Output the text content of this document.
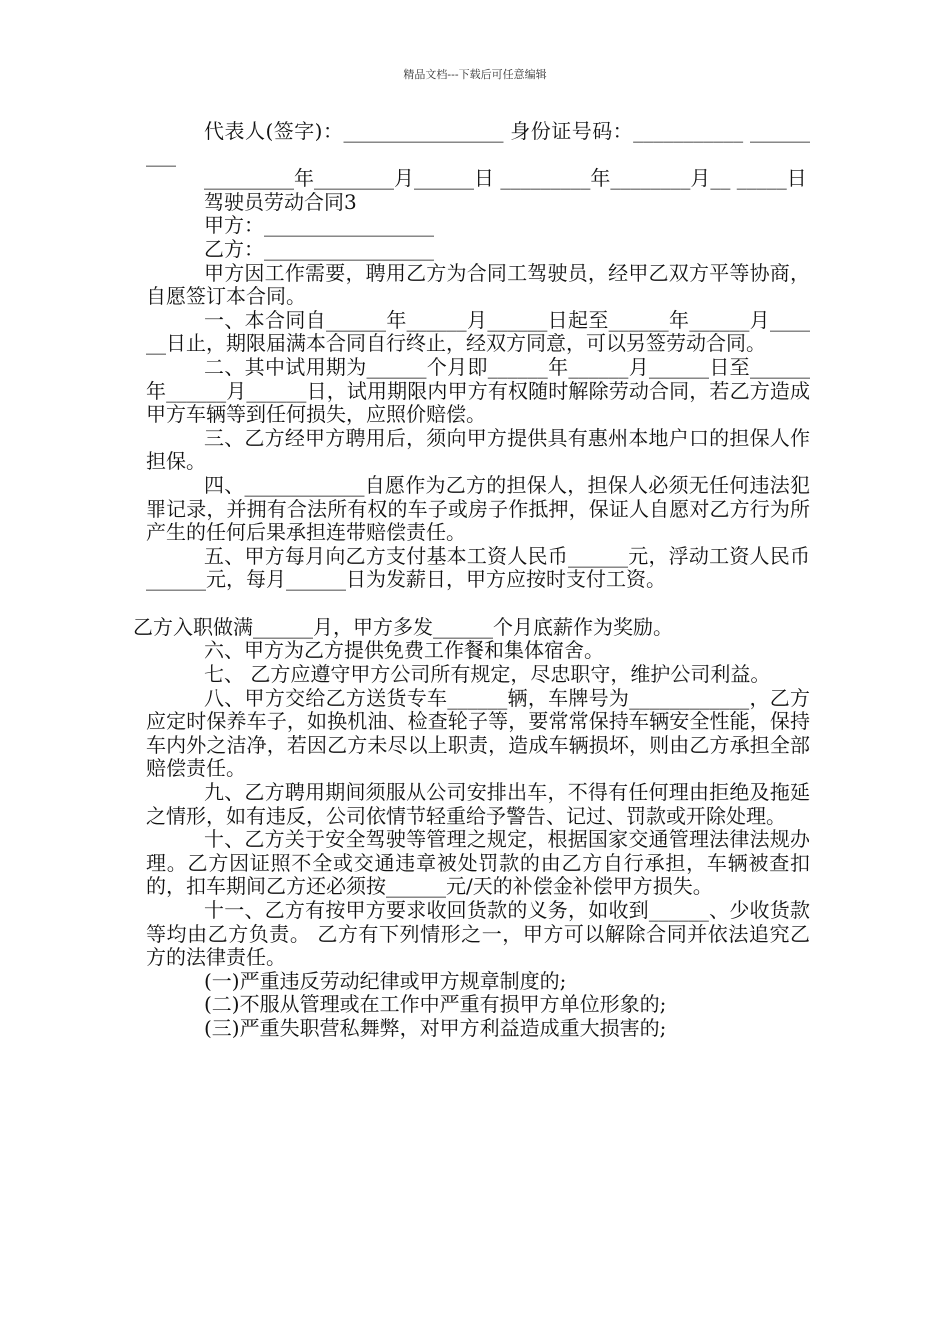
精品文档---下载后可任意编辑

代表人(签字)：________________ 身份证号码：___________ _________

_________年________月______日 _________年________月__ _____日

驾驶员劳动合同3

甲方：_________________

乙方：_________________

甲方因工作需要，聘用乙方为合同工驾驶员，经甲乙双方平等协商，自愿签订本合同。

一、本合同自______年______月______日起至______年______月______日止，期限届满本合同自行终止，经双方同意，可以另签劳动合同。

二、其中试用期为______个月即______年______月______日至______年______月______日，试用期限内甲方有权随时解除劳动合同，若乙方造成甲方车辆等到任何损失，应照价赔偿。

三、乙方经甲方聘用后，须向甲方提供具有惠州本地户口的担保人作担保。

四、____________自愿作为乙方的担保人，担保人必须无任何违法犯罪记录，并拥有合法所有权的车子或房子作抵押，保证人自愿对乙方行为所产生的任何后果承担连带赔偿责任。

五、甲方每月向乙方支付基本工资人民币______元，浮动工资人民币______元，每月______日为发薪日，甲方应按时支付工资。

乙方入职做满______月，甲方多发______个月底薪作为奖励。

六、甲方为乙方提供免费工作餐和集体宿舍。

七、 乙方应遵守甲方公司所有规定，尽忠职守，维护公司利益。

八、甲方交给乙方送货专车______辆，车牌号为____________，乙方应定时保养车子，如换机油、检查轮子等，要常常保持车辆安全性能，保持车内外之洁净，若因乙方未尽以上职责，造成车辆损坏，则由乙方承担全部赔偿责任。

九、乙方聘用期间须服从公司安排出车，不得有任何理由拒绝及拖延之情形，如有违反，公司依情节轻重给予警告、记过、罚款或开除处理。

十、乙方关于安全驾驶等管理之规定，根据国家交通管理法律法规办理。乙方因证照不全或交通违章被处罚款的由乙方自行承担，车辆被查扣的，扣车期间乙方还必须按______元/天的补偿金补偿甲方损失。

十一、乙方有按甲方要求收回货款的义务，如收到______、少收货款等均由乙方负责。 乙方有下列情形之一，甲方可以解除合同并依法追究乙方的法律责任。

(一)严重违反劳动纪律或甲方规章制度的;

(二)不服从管理或在工作中严重有损甲方单位形象的;

(三)严重失职营私舞弊，对甲方利益造成重大损害的;
